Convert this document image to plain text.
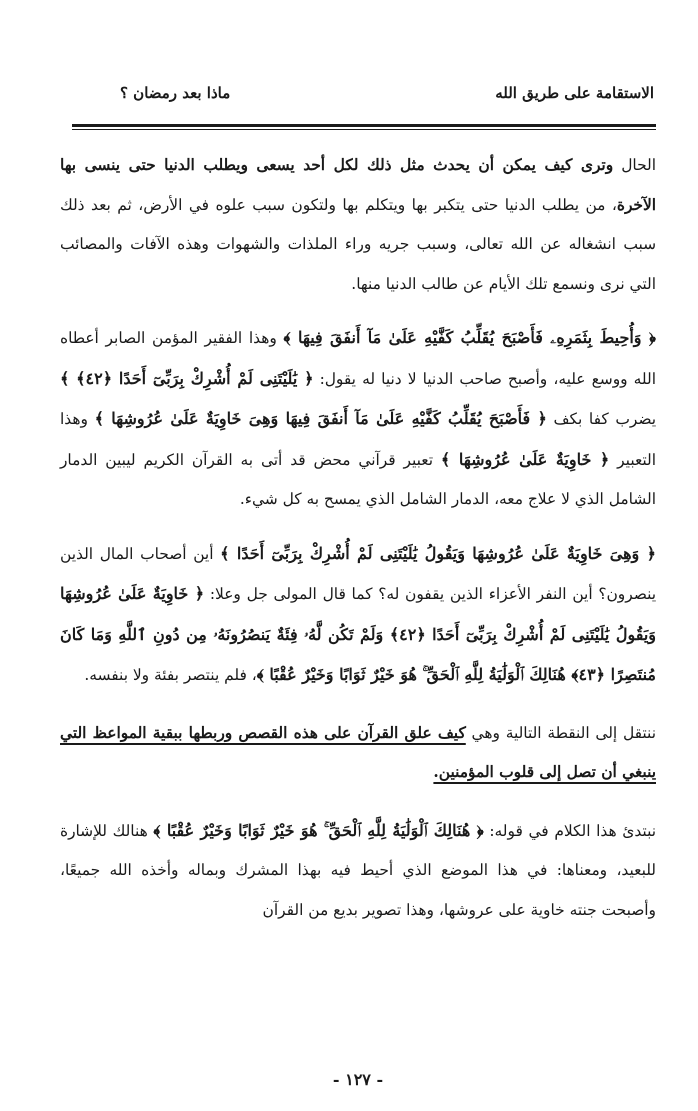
الاستقامة على طريق الله
ماذا بعد رمضان ؟

الحال وترى كيف يمكن أن يحدث مثل ذلك لكل أحد يسعى ويطلب الدنيا حتى ينسى بها الآخرة، من يطلب الدنيا حتى يتكبر بها ويتكلم بها ولتكون سبب علوه في الأرض، ثم بعد ذلك سبب انشغاله عن الله تعالى، وسبب جريه وراء الملذات والشهوات وهذه الآفات والمصائب التي نرى ونسمع تلك الأيام عن طالب الدنيا منها.

﴿ وَأُحِيطَ بِثَمَرِهِۦ فَأَصْبَحَ يُقَلِّبُ كَفَّيْهِ عَلَىٰ مَآ أَنفَقَ فِيهَا ﴾ وهذا الفقير المؤمن الصابر أعطاه الله ووسع عليه، وأصبح صاحب الدنيا لا دنيا له يقول: ﴿ يَٰلَيْتَنِى لَمْ أُشْرِكْ بِرَبِّىٓ أَحَدًا ﴿٤٢﴾ ﴾ يضرب كفا بكف ﴿ فَأَصْبَحَ يُقَلِّبُ كَفَّيْهِ عَلَىٰ مَآ أَنفَقَ فِيهَا وَهِىَ خَاوِيَةٌ عَلَىٰ عُرُوشِهَا ﴾ وهذا التعبير ﴿ خَاوِيَةٌ عَلَىٰ عُرُوشِهَا ﴾ تعبير قرآني محض قد أتى به القرآن الكريم ليبين الدمار الشامل الذي لا علاج معه، الدمار الشامل الذي يمسح به كل شيء.

﴿ وَهِىَ خَاوِيَةٌ عَلَىٰ عُرُوشِهَا وَيَقُولُ يَٰلَيْتَنِى لَمْ أُشْرِكْ بِرَبِّىٓ أَحَدًا ﴾ أين أصحاب المال الذين ينصرون؟ أين النفر الأعزاء الذين يقفون له؟ كما قال المولى جل وعلا: ﴿ خَاوِيَةٌ عَلَىٰ عُرُوشِهَا وَيَقُولُ يَٰلَيْتَنِى لَمْ أُشْرِكْ بِرَبِّىٓ أَحَدًا ﴿٤٢﴾ وَلَمْ تَكُن لَّهُۥ فِئَةٌ يَنصُرُونَهُۥ مِن دُونِ ٱللَّهِ وَمَا كَانَ مُنتَصِرًا ﴿٤٣﴾ هُنَالِكَ ٱلْوَلَٰيَةُ لِلَّهِ ٱلْحَقِّ ۚ هُوَ خَيْرٌ ثَوَابًا وَخَيْرٌ عُقْبًا ﴾، فلم ينتصر بفئة ولا بنفسه.

ننتقل إلى النقطة التالية وهي كيف علق القرآن على هذه القصص وربطها ببقية المواعظ التي ينبغي أن تصل إلى قلوب المؤمنين.

نبتدئ هذا الكلام في قوله: ﴿ هُنَالِكَ ٱلْوَلَٰيَةُ لِلَّهِ ٱلْحَقِّ ۚ هُوَ خَيْرٌ ثَوَابًا وَخَيْرٌ عُقْبًا ﴾ هنالك للإشارة للبعيد، ومعناها: في هذا الموضع الذي أحيط فيه بهذا المشرك وبماله وأخذه الله جميعًا، وأصبحت جنته خاوية على عروشها، وهذا تصوير بديع من القرآن

- ١٢٧ -
